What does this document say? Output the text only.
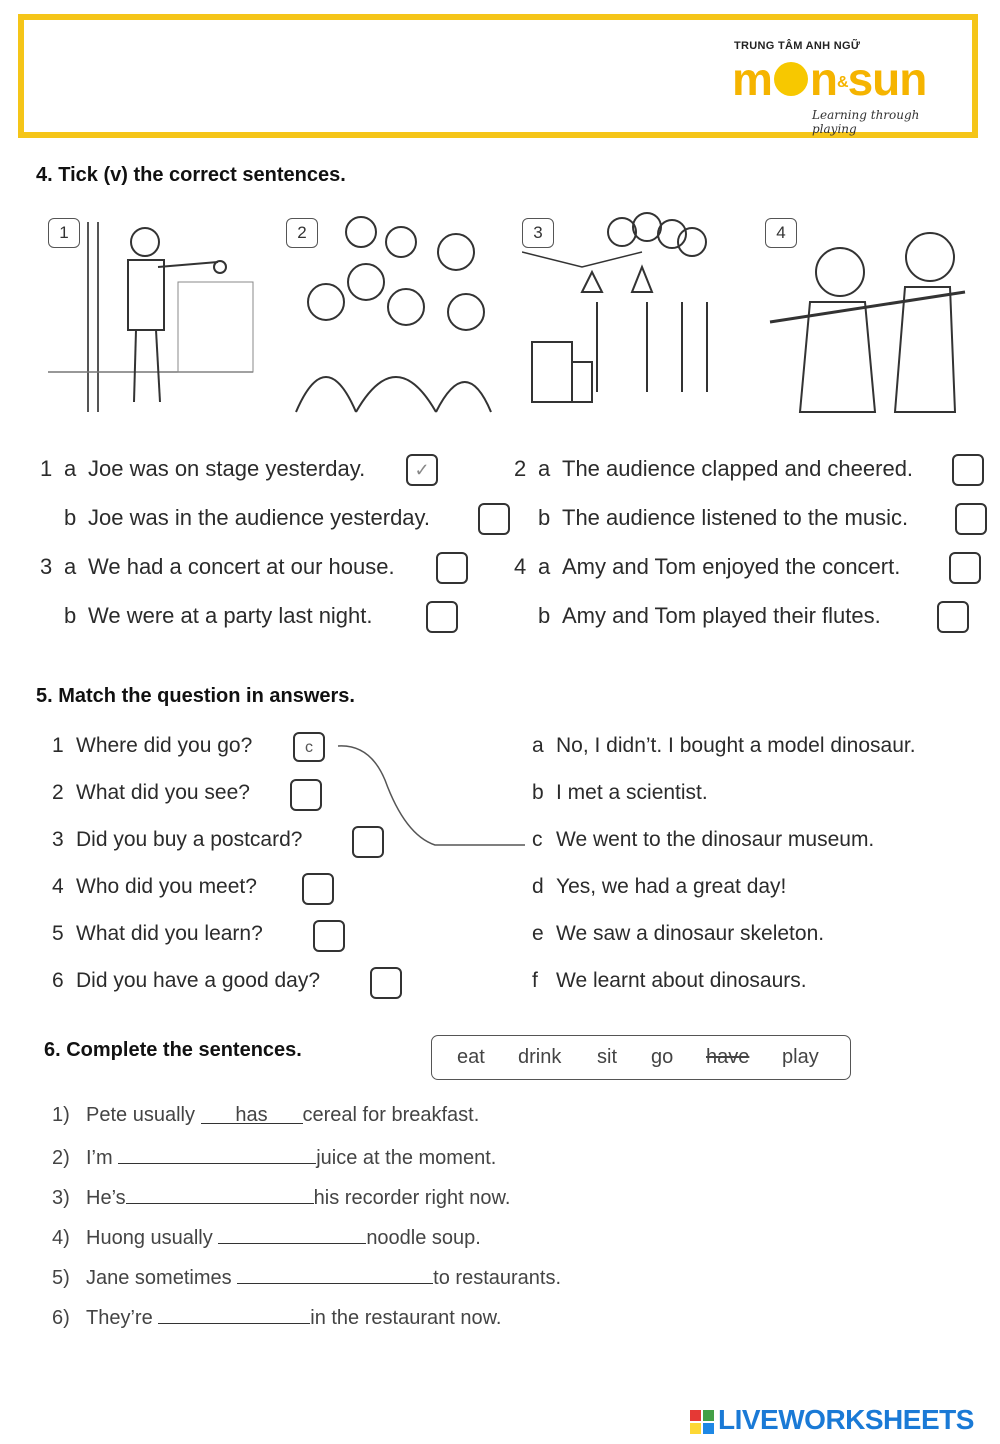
TRUNG TÂM ANH NGỮ
m n&sun
Learning through playing
4. Tick (v) the correct sentences.
1	2	3	4
1 a Joe was on stage yesterday.	✓
b Joe was in the audience yesterday.
2 a The audience clapped and cheered.
b The audience listened to the music.
3 a We had a concert at our house.
b We were at a party last night.
4 a Amy and Tom enjoyed the concert.
b Amy and Tom played their flutes.
5. Match the question in answers.
1 Where did you go?	c
2 What did you see?
3 Did you buy a postcard?
4 Who did you meet?
5 What did you learn?
6 Did you have a good day?
a No, I didn’t. I bought a model dinosaur.
b I met a scientist.
c We went to the dinosaur museum.
d Yes, we had a great day!
e We saw a dinosaur skeleton.
f We learnt about dinosaurs.
6. Complete the sentences.	eat drink sit go have play
1) Pete usually has cereal for breakfast.
2) I’m	juice at the moment.
3) He’s	his recorder right now.
4) Huong usually	noodle soup.
5) Jane sometimes	to restaurants.
6) They’re	in the restaurant now.
LIVEWORKSHEETS
